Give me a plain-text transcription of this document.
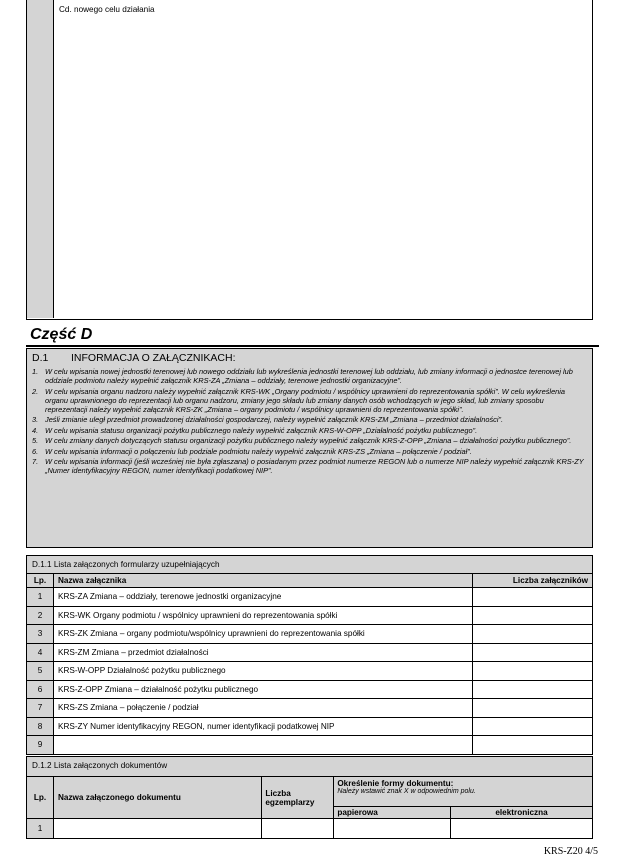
Cd. nowego celu działania
Część D
D.1 INFORMACJA O ZAŁĄCZNIKACH:
1. W celu wpisania nowej jednostki terenowej lub nowego oddziału lub wykreślenia jednostki terenowej lub oddziału, lub zmiany informacji o jednostce terenowej lub oddziale podmiotu należy wypełnić załącznik KRS-ZA „Zmiana – oddziały, terenowe jednostki organizacyjne”.
2. W celu wpisania organu nadzoru należy wypełnić załącznik KRS-WK „Organy podmiotu / wspólnicy uprawnieni do reprezentowania spółki”. W celu wykreślenia organu uprawnionego do reprezentacji lub organu nadzoru, zmiany jego składu lub zmiany danych osób wchodzących w jego skład, lub zmiany sposobu reprezentacji należy wypełnić załącznik KRS-ZK „Zmiana – organy podmiotu / wspólnicy uprawnieni do reprezentowania spółki”.
3. Jeśli zmianie uległ przedmiot prowadzonej działalności gospodarczej, należy wypełnić załącznik KRS-ZM „Zmiana – przedmiot działalności”.
4. W celu wpisania statusu organizacji pożytku publicznego należy wypełnić załącznik KRS-W-OPP „Działalność pożytku publicznego”.
5. W celu zmiany danych dotyczących statusu organizacji pożytku publicznego należy wypełnić załącznik KRS-Z-OPP „Zmiana – działalności pożytku publicznego”.
6. W celu wpisania informacji o połączeniu lub podziale podmiotu należy wypełnić załącznik KRS-ZS „Zmiana – połączenie / podział”.
7. W celu wpisania informacji (jeśli wcześniej nie była zgłaszana) o posiadanym przez podmiot numerze REGON lub o numerze NIP należy wypełnić załącznik KRS-ZY „Numer identyfikacyjny REGON, numer identyfikacji podatkowej NIP”.
D.1.1 Lista załączonych formularzy uzupełniających
Lp.	Nazwa załącznika	Liczba załączników
1	KRS-ZA Zmiana – oddziały, terenowe jednostki organizacyjne	
2	KRS-WK Organy podmiotu / wspólnicy uprawnieni do reprezentowania spółki	
3	KRS-ZK Zmiana – organy podmiotu/wspólnicy uprawnieni do reprezentowania spółki	
4	KRS-ZM Zmiana – przedmiot działalności	
5	KRS-W-OPP Działalność pożytku publicznego	
6	KRS-Z-OPP Zmiana – działalność pożytku publicznego	
7	KRS-ZS Zmiana – połączenie / podział	
8	KRS-ZY Numer identyfikacyjny REGON, numer identyfikacji podatkowej NIP	
9		
D.1.2 Lista załączonych dokumentów
Lp.	Nazwa załączonego dokumentu	Liczba egzemplarzy	Określenie formy dokumentu:
Należy wstawić znak X w odpowiednim polu.	

			papierowa	elektroniczna
1				
KRS-Z20 4/5
